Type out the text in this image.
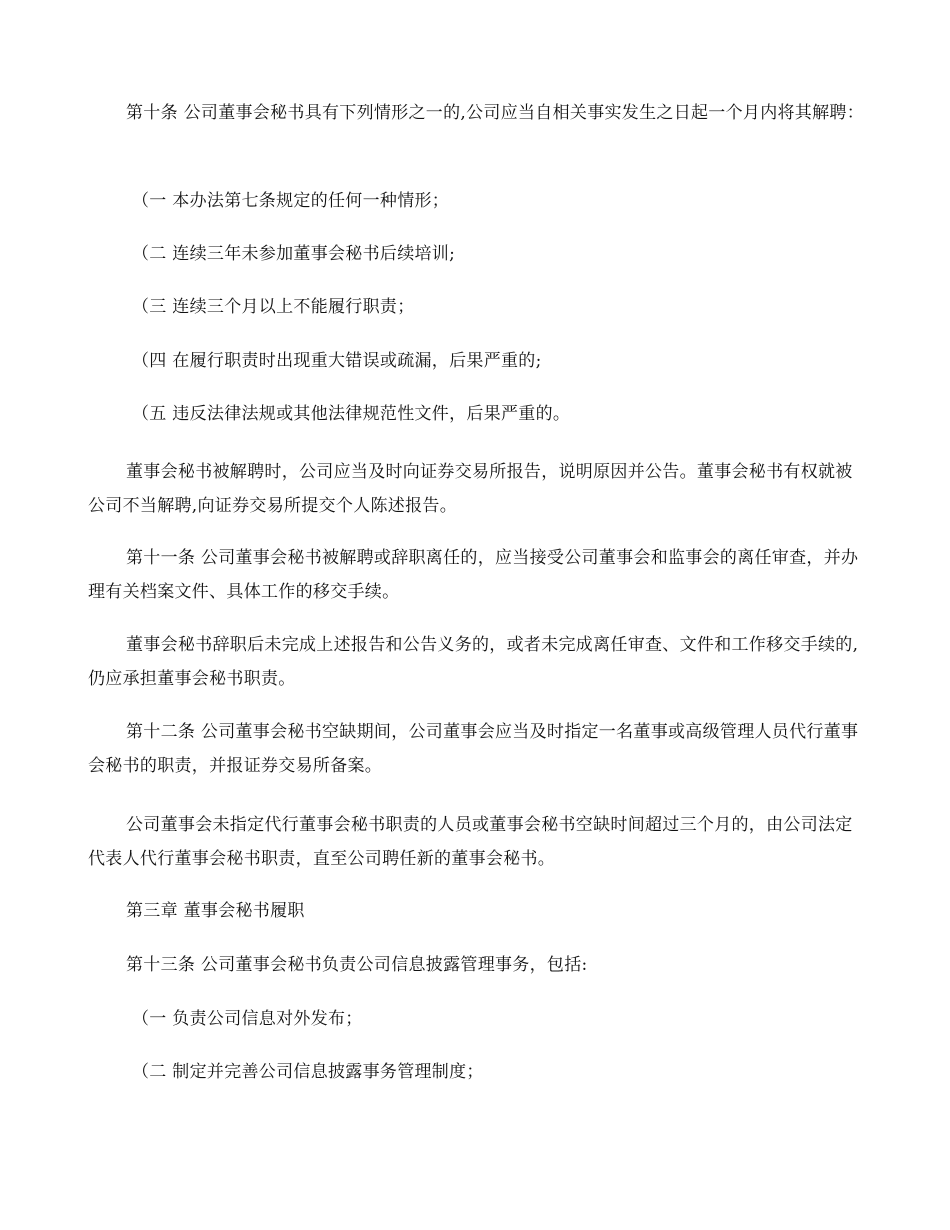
第十条 公司董事会秘书具有下列情形之一的,公司应当自相关事实发生之日起一个月内将其解聘：

（一 本办法第七条规定的任何一种情形；

（二 连续三年未参加董事会秘书后续培训;

（三 连续三个月以上不能履行职责；

（四 在履行职责时出现重大错误或疏漏，后果严重的;

（五 违反法律法规或其他法律规范性文件，后果严重的。

董事会秘书被解聘时，公司应当及时向证券交易所报告，说明原因并公告。董事会秘书有权就被公司不当解聘,向证券交易所提交个人陈述报告。

第十一条 公司董事会秘书被解聘或辞职离任的，应当接受公司董事会和监事会的离任审查，并办理有关档案文件、具体工作的移交手续。

董事会秘书辞职后未完成上述报告和公告义务的，或者未完成离任审查、文件和工作移交手续的,仍应承担董事会秘书职责。

第十二条 公司董事会秘书空缺期间，公司董事会应当及时指定一名董事或高级管理人员代行董事会秘书的职责，并报证券交易所备案。

公司董事会未指定代行董事会秘书职责的人员或董事会秘书空缺时间超过三个月的，由公司法定代表人代行董事会秘书职责，直至公司聘任新的董事会秘书。

第三章 董事会秘书履职

第十三条 公司董事会秘书负责公司信息披露管理事务，包括:

（一 负责公司信息对外发布；

（二 制定并完善公司信息披露事务管理制度；
